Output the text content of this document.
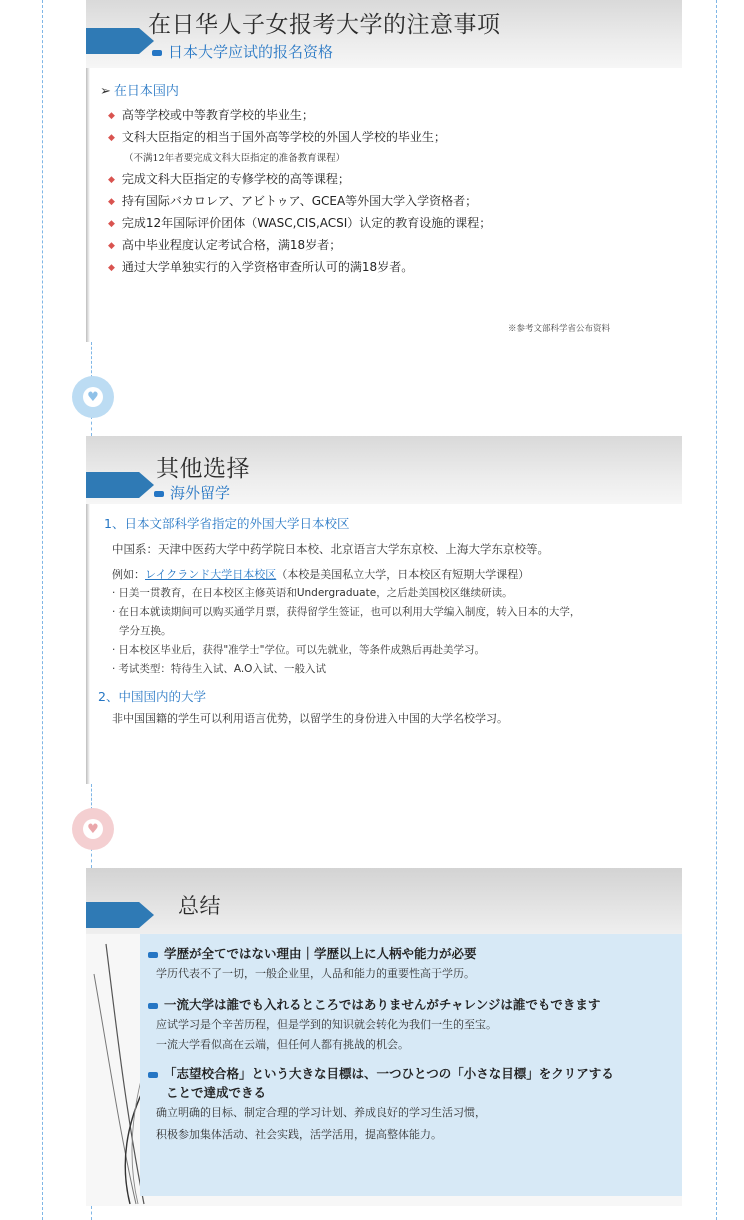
在日华人子女报考大学的注意事项
日本大学应试的报名资格
➢ 在日本国内
◆ 高等学校或中等教育学校的毕业生；
◆ 文科大臣指定的相当于国外高等学校的外国人学校的毕业生；
（不满12年者要完成文科大臣指定的准备教育课程）
◆ 完成文科大臣指定的专修学校的高等课程；
◆ 持有国际バカロレア、アビトゥア、GCEA等外国大学入学资格者；
◆ 完成12年国际评价团体（WASC,CIS,ACSI）认定的教育设施的课程；
◆ 高中毕业程度认定考试合格，满18岁者；
◆ 通过大学单独实行的入学资格审查所认可的满18岁者。
※参考文部科学省公布资料
♥
其他选择
海外留学
1、日本文部科学省指定的外国大学日本校区
中国系：天津中医药大学中药学院日本校、北京语言大学东京校、上海大学东京校等。
例如：レイクランド大学日本校区（本校是美国私立大学，日本校区有短期大学课程）
· 日美一贯教育，在日本校区主修英语和Undergraduate，之后赴美国校区继续研读。
· 在日本就读期间可以购买通学月票，获得留学生签证，也可以利用大学编入制度，转入日本的大学，
学分互换。
· 日本校区毕业后，获得"准学士"学位。可以先就业，等条件成熟后再赴美学习。
· 考试类型：特待生入试、A.O入试、一般入试
2、中国国内的大学
非中国国籍的学生可以利用语言优势，以留学生的身份进入中国的大学名校学习。
♥
总结
学歴が全てではない理由｜学歴以上に人柄や能力が必要
学历代表不了一切，一般企业里，人品和能力的重要性高于学历。
一流大学は誰でも入れるところではありませんがチャレンジは誰でもできます
应试学习是个辛苦历程，但是学到的知识就会转化为我们一生的至宝。
一流大学看似高在云端，但任何人都有挑战的机会。
「志望校合格」という大きな目標は、一つひとつの「小さな目標」をクリアする
ことで達成できる
确立明确的目标、制定合理的学习计划、养成良好的学习生活习惯，
积极参加集体活动、社会实践，活学活用，提高整体能力。
